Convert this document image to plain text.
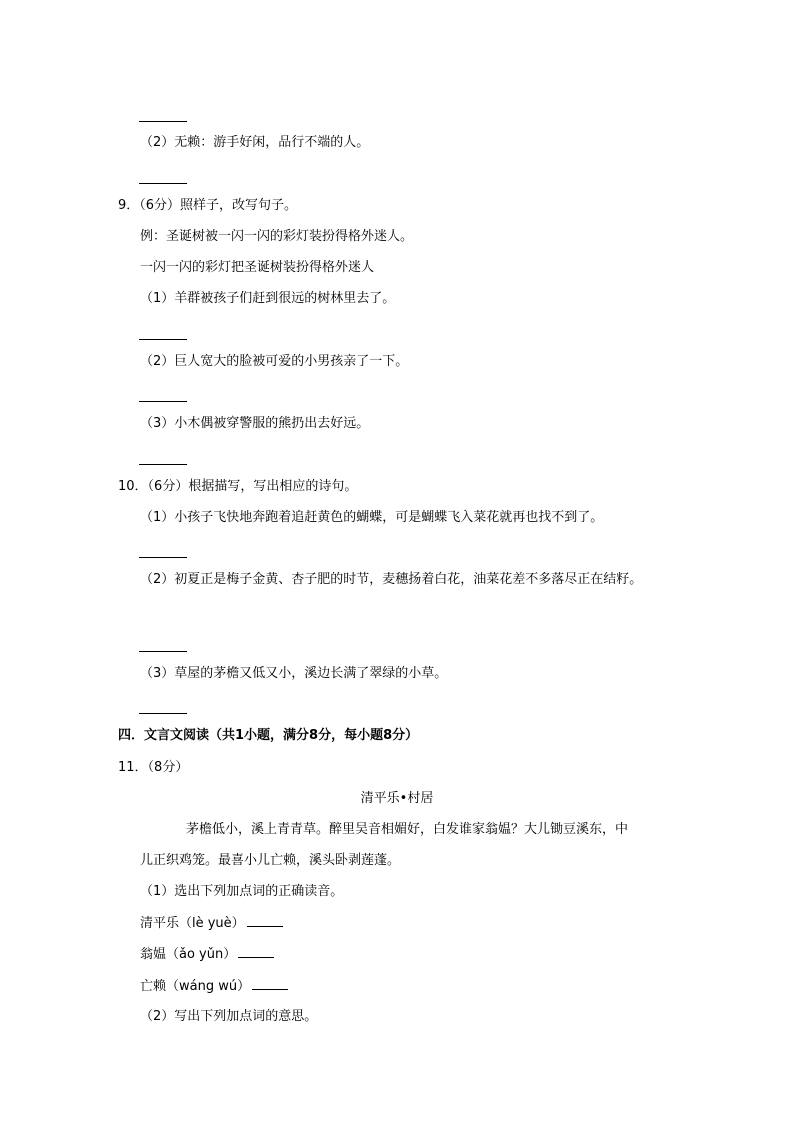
（2）无赖：游手好闲，品行不端的人。
9．（6分）照样子，改写句子。
例：圣诞树被一闪一闪的彩灯装扮得格外迷人。
一闪一闪的彩灯把圣诞树装扮得格外迷人
（1）羊群被孩子们赶到很远的树林里去了。
（2）巨人宽大的脸被可爱的小男孩亲了一下。
（3）小木偶被穿警服的熊扔出去好远。
10．（6分）根据描写，写出相应的诗句。
（1）小孩子飞快地奔跑着追赶黄色的蝴蝶，可是蝴蝶飞入菜花就再也找不到了。
（2）初夏正是梅子金黄、杏子肥的时节，麦穗扬着白花，油菜花差不多落尽正在结籽。
（3）草屋的茅檐又低又小，溪边长满了翠绿的小草。
四．文言文阅读（共1小题，满分8分，每小题8分）
11．（8分）
清平乐•村居
茅檐低小，溪上青青草。醉里吴音相媚好，白发谁家翁媪？大儿锄豆溪东，中
儿正织鸡笼。最喜小儿亡赖，溪头卧剥莲蓬。
（1）选出下列加点词的正确读音。
清平乐（lè yuè）
翁媪（ǎo yǔn）
亡赖（wáng wú）
（2）写出下列加点词的意思。
